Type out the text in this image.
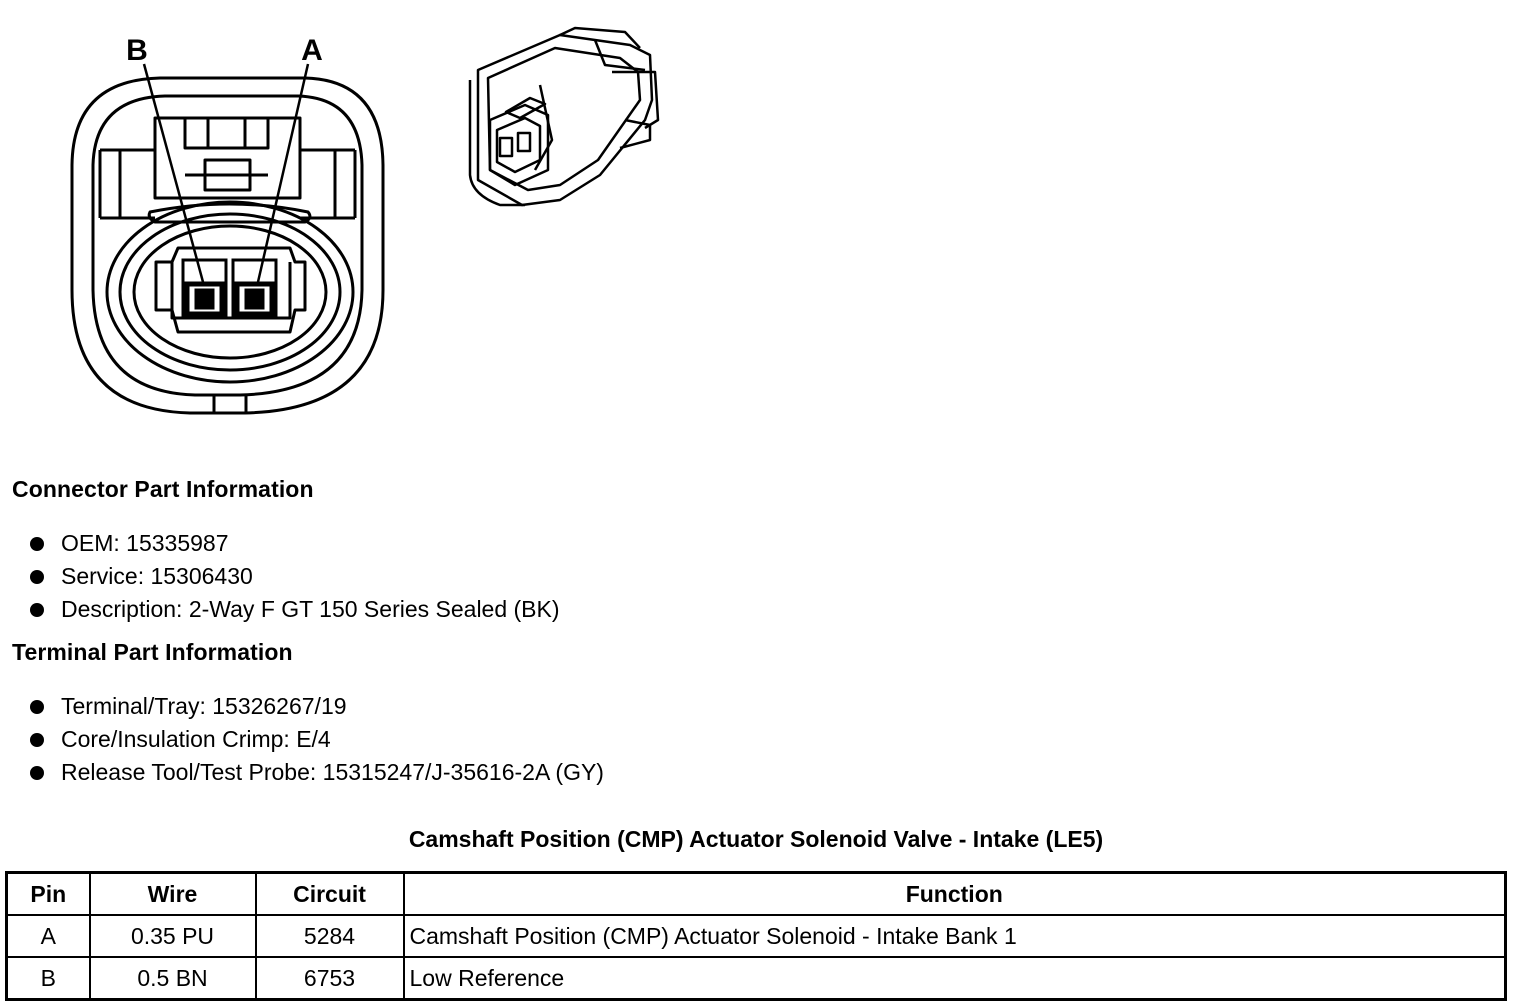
B	A
Connector Part Information
OEM: 15335987
Service: 15306430
Description: 2-Way F GT 150 Series Sealed (BK)
Terminal Part Information
Terminal/Tray: 15326267/19
Core/Insulation Crimp: E/4
Release Tool/Test Probe: 15315247/J-35616-2A (GY)
Camshaft Position (CMP) Actuator Solenoid Valve - Intake (LE5)
Pin	Wire	Circuit	Function
A	0.35 PU	5284	Camshaft Position (CMP) Actuator Solenoid - Intake Bank 1
B	0.5 BN	6753	Low Reference
